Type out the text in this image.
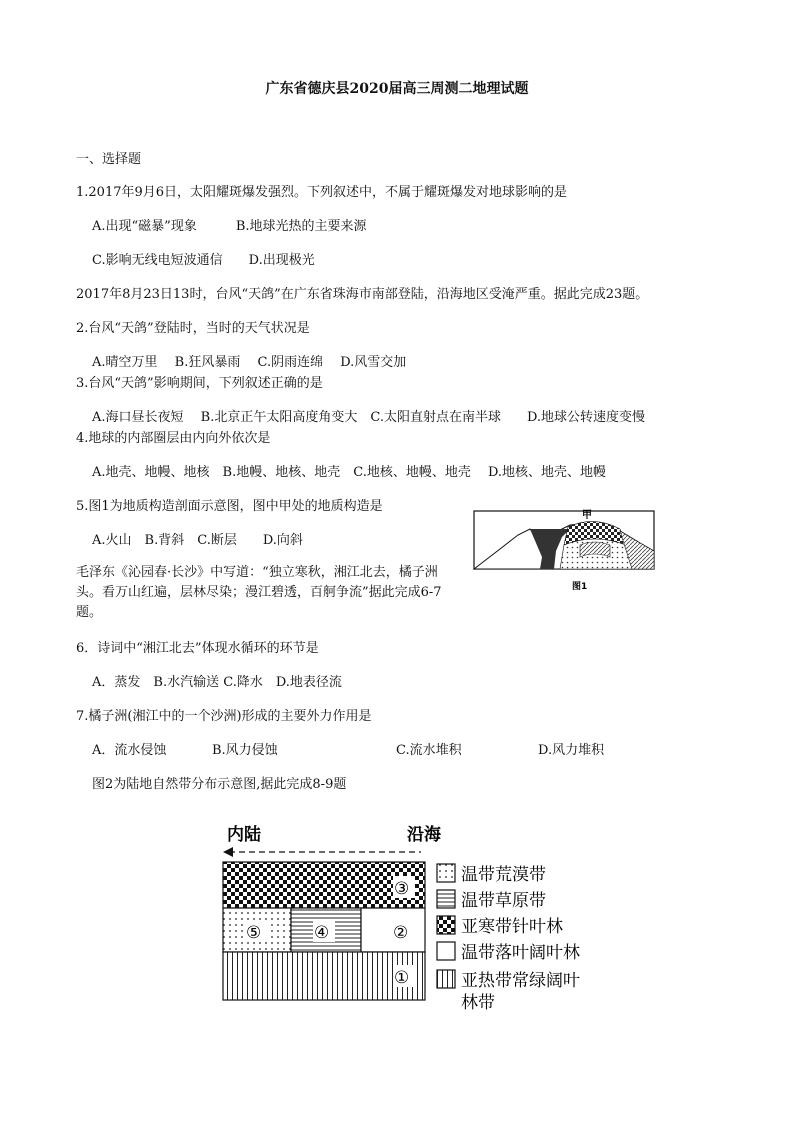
广东省德庆县2020届高三周测二地理试题
一、选择题
1.2017年9月6日，太阳耀斑爆发强烈。下列叙述中，不属于耀斑爆发对地球影响的是
A.出现“磁暴”现象　　　B.地球光热的主要来源
C.影响无线电短波通信　　D.出现极光
2017年8月23日13时，台风“天鸽”在广东省珠海市南部登陆，沿海地区受淹严重。据此完成23题。
2.台风“天鸽”登陆时，当时的天气状况是
A.晴空万里　 B.狂风暴雨　 C.阴雨连绵　 D.风雪交加
3.台风“天鸽”影响期间，下列叙述正确的是
A.海口昼长夜短　 B.北京正午太阳高度角变大　C.太阳直射点在南半球　　D.地球公转速度变慢
4.地球的内部圈层由内向外依次是
A.地壳、地幔、地核　B.地幔、地核、地壳　C.地核、地幔、地壳　 D.地核、地壳、地幔
5.图1为地质构造剖面示意图，图中甲处的地质构造是
A.火山　B.背斜　C.断层　　D.向斜
毛泽东《沁园春·长沙》中写道：“独立寒秋，湘江北去，橘子洲头。看万山红遍，层林尽染；漫江碧透，百舸争流”据此完成6-7题。
甲
图1
6．诗词中“湘江北去”体现水循环的环节是
A．蒸发　B.水汽输送 C.降水　D.地表径流
7.橘子洲(湘江中的一个沙洲)形成的主要外力作用是
A．流水侵蚀	B.风力侵蚀	C.流水堆积	D.风力堆积
图2为陆地自然带分布示意图,据此完成8-9题
内陆	沿海
③
⑤	④	②
①
温带荒漠带
温带草原带
亚寒带针叶林
温带落叶阔叶林
亚热带常绿阔叶
林带
